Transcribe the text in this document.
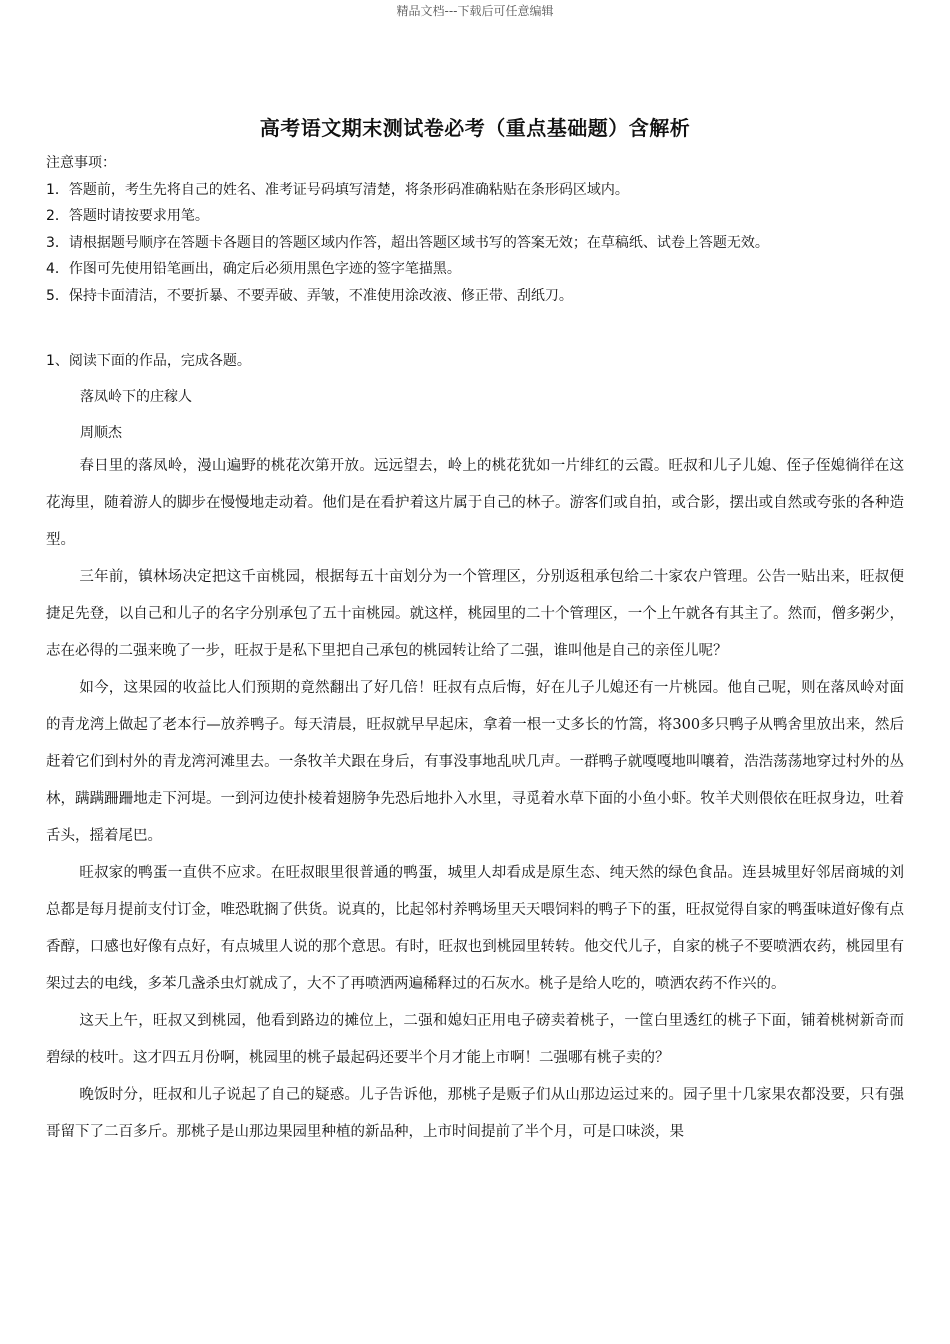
精品文档---下载后可任意编辑
高考语文期末测试卷必考（重点基础题）含解析
注意事项：
1．答题前，考生先将自己的姓名、准考证号码填写清楚，将条形码准确粘贴在条形码区域内。
2．答题时请按要求用笔。
3．请根据题号顺序在答题卡各题目的答题区域内作答，超出答题区域书写的答案无效；在草稿纸、试卷上答题无效。
4．作图可先使用铅笔画出，确定后必须用黑色字迹的签字笔描黑。
5．保持卡面清洁，不要折暴、不要弄破、弄皱，不准使用涂改液、修正带、刮纸刀。
1、阅读下面的作品，完成各题。
落凤岭下的庄稼人
周顺杰

春日里的落凤岭，漫山遍野的桃花次第开放。远远望去，岭上的桃花犹如一片绯红的云霞。旺叔和儿子儿媳、侄子侄媳徜徉在这花海里，随着游人的脚步在慢慢地走动着。他们是在看护着这片属于自己的林子。游客们或自拍，或合影，摆出或自然或夸张的各种造型。

三年前，镇林场决定把这千亩桃园，根据每五十亩划分为一个管理区，分别返租承包给二十家农户管理。公告一贴出来，旺叔便捷足先登，以自己和儿子的名字分别承包了五十亩桃园。就这样，桃园里的二十个管理区，一个上午就各有其主了。然而，僧多粥少，志在必得的二强来晚了一步，旺叔于是私下里把自己承包的桃园转让给了二强，谁叫他是自己的亲侄儿呢？

如今，这果园的收益比人们预期的竟然翻出了好几倍！旺叔有点后悔，好在儿子儿媳还有一片桃园。他自己呢，则在落凤岭对面的青龙湾上做起了老本行—放养鸭子。每天清晨，旺叔就早早起床，拿着一根一丈多长的竹篙，将300多只鸭子从鸭舍里放出来，然后赶着它们到村外的青龙湾河滩里去。一条牧羊犬跟在身后，有事没事地乱吠几声。一群鸭子就嘎嘎地叫嚷着，浩浩荡荡地穿过村外的丛林，蹒蹒跚跚地走下河堤。一到河边使扑棱着翅膀争先恐后地扑入水里，寻觅着水草下面的小鱼小虾。牧羊犬则偎依在旺叔身边，吐着舌头，摇着尾巴。

旺叔家的鸭蛋一直供不应求。在旺叔眼里很普通的鸭蛋，城里人却看成是原生态、纯天然的绿色食品。连县城里好邻居商城的刘总都是每月提前支付订金，唯恐耽搁了供货。说真的，比起邻村养鸭场里天天喂饲料的鸭子下的蛋，旺叔觉得自家的鸭蛋味道好像有点香醇，口感也好像有点好，有点城里人说的那个意思。有时，旺叔也到桃园里转转。他交代儿子，自家的桃子不要喷洒农药，桃园里有架过去的电线，多苯几盏杀虫灯就成了，大不了再喷洒两遍稀释过的石灰水。桃子是给人吃的，喷洒农药不作兴的。

这天上午，旺叔又到桃园，他看到路边的摊位上，二强和媳妇正用电子磅卖着桃子，一筐白里透红的桃子下面，铺着桃树新奇而碧绿的枝叶。这才四五月份啊，桃园里的桃子最起码还要半个月才能上市啊！二强哪有桃子卖的？

晚饭时分，旺叔和儿子说起了自己的疑惑。儿子告诉他，那桃子是贩子们从山那边运过来的。园子里十几家果农都没要，只有强哥留下了二百多斤。那桃子是山那边果园里种植的新品种，上市时间提前了半个月，可是口味淡，果
